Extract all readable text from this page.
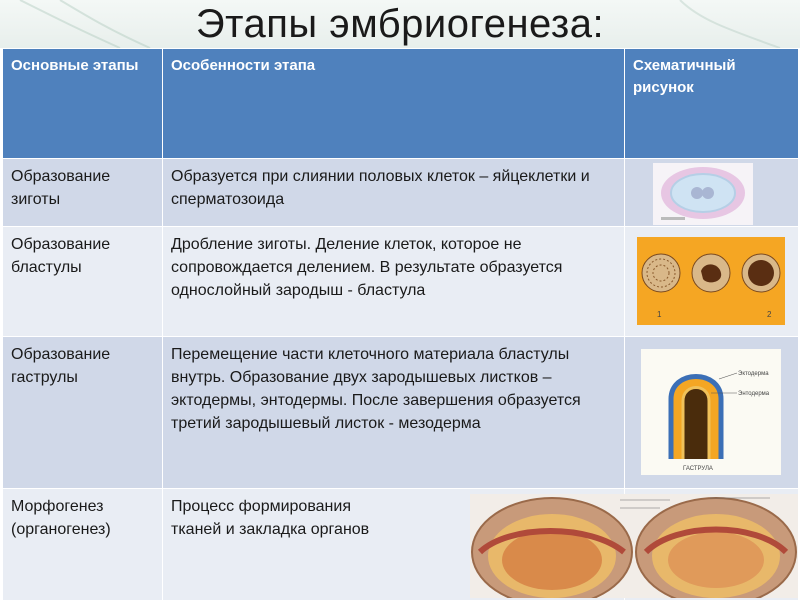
Этапы эмбриогенеза:
Основные этапы	Особенности этапа	Схематичный рисунок
Образование зиготы	Образуется при слиянии половых клеток – яйцеклетки и сперматозоида	

Образование бластулы	Дробление зиготы. Деление клеток, которое не сопровождается делением. В результате образуется однослойный зародыш - бластула	1 2

Образование гаструлы	Перемещение части клеточного материала бластулы внутрь. Образование двух зародышевых листков – эктодермы, энтодермы. После завершения образуется третий зародышевый листок - мезодерма	Эктодерма
Энтодерма
ГАСТРУЛА

Морфогенез (органогенез)	Процесс формирования тканей и закладка органов	
